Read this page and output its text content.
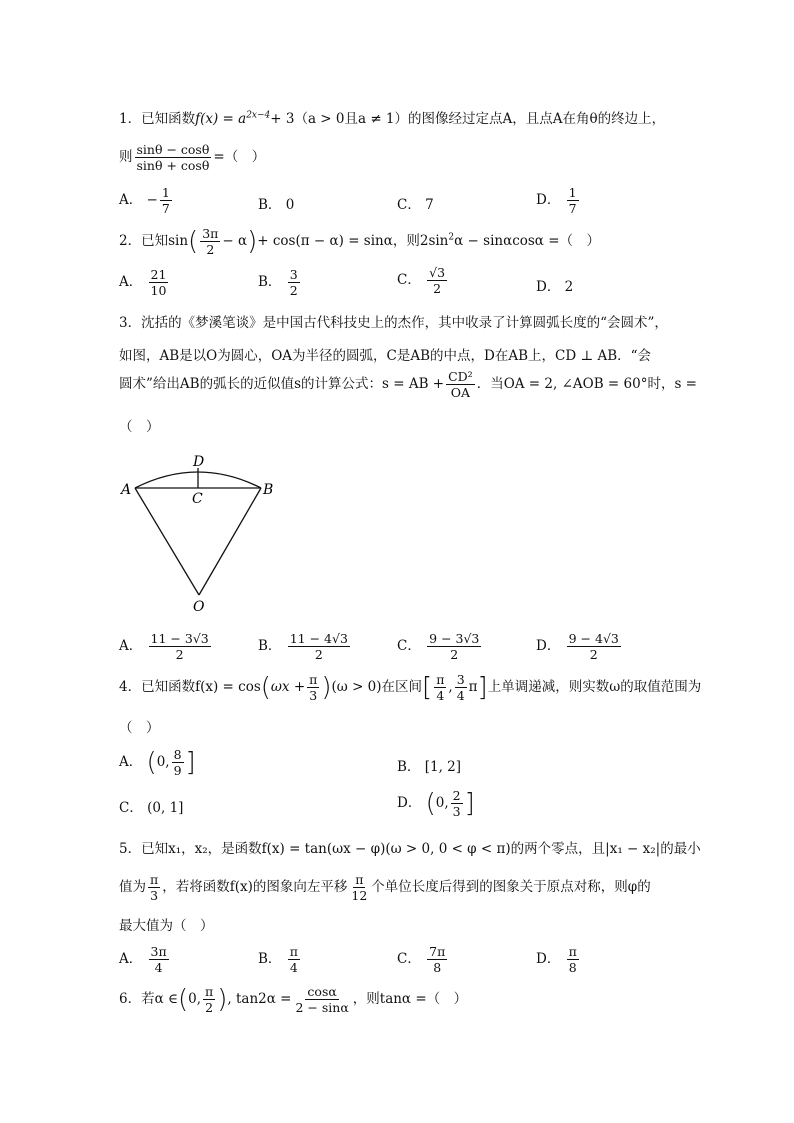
1．已知函数$f(x) = a^{2x-4}+ 3(a > 0$且a ≠ 1）的图像经过定点A，且点A在角θ的终边上，
则 $\frac{\sin\theta - \cos\theta}{\sin\theta + \cos\theta}$ =（　）
A． − $\frac{1}{7}$	B． 0	C． 7	D． $\frac{1}{7}$
2．已知$\sin( \frac{3\pi}{2} - \alpha)+ \cos(\pi - \alpha) = \sin\alpha$，则$2\sin^2\alpha - \sin\alpha\cos\alpha$ =（　）
A． $\frac{21}{10}$	B． $\frac{3}{2}$	C． $\frac{√3}{2}$	D． 2
3．沈括的《梦溪笔谈》是中国古代科技史上的杰作，其中收录了计算圆弧长度的“会圆术”，
如图，AB是以O为圆心，OA为半径的圆弧，C是AB的中点，D在AB上，CD ⊥ AB．“会
圆术”给出AB的弧长的近似值s的计算公式：s = AB + $\frac{\text{CD²}}{OA}$ ．当OA = 2, ∠AOB = 60°时，s =
（　）
A	B
C
D
O
A． $\frac{11 - 3√3}{2}$	B． $\frac{11 - 4√3}{2}$	C． $\frac{9 - 3√3}{2}$	D． $\frac{9 - 4√3}{2}$
4．已知函数$f(x) = \cos(\omega x + \frac{\pi}{3} )(\omega > 0)$在区间[ $\frac{\pi}{4}$ , $\frac{3}{4} \pi$]上单调递减，则实数ω的取值范围为
（　）
A． (0, $\frac{8}{9}$ ]	B． [1, 2]
C． (0, 1]	D． (0, $\frac{2}{3}$ ]
5．已知x₁，x₂，是函数f(x) = tan(ωx − φ)(ω > 0, 0 < φ < π)的两个零点，且|x₁ − x₂|的最小
值为 $\frac{\pi}{3}$ ，若将函数f(x)的图象向左平移 $\frac{\pi}{12}$ 个单位长度后得到的图象关于原点对称，则φ的
最大值为（　）
A． $\frac{3\pi}{4}$	B． $\frac{\pi}{4}$	C． $\frac{7\pi}{8}$	D． $\frac{\pi}{8}$
6．若α ∈(0, $\frac{\pi}{2}$ ), $\tan 2\alpha = \frac{\cos\alpha}{2 - \sin\alpha}$ ，则tanα =（　）
